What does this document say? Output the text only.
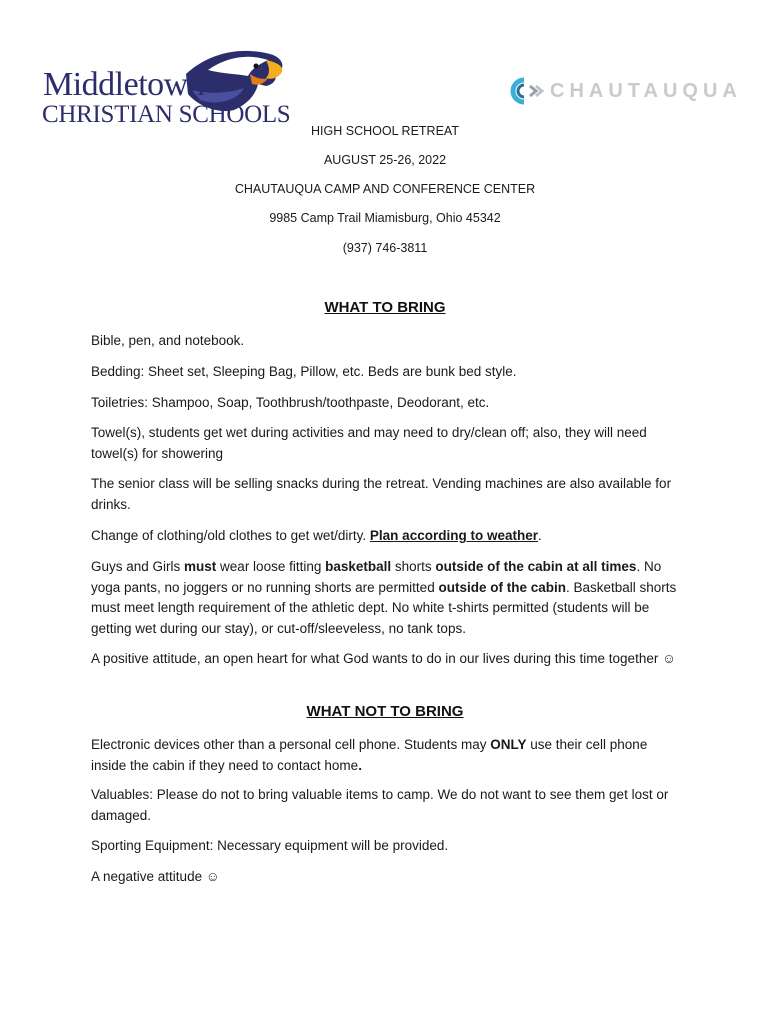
Middletown
CHRISTIAN SCHOOLS
CHAUTAUQUA
HIGH SCHOOL RETREAT
AUGUST 25-26, 2022
CHAUTAUQUA CAMP AND CONFERENCE CENTER
9985 Camp Trail Miamisburg, Ohio 45342
(937) 746-3811
WHAT TO BRING
Bible, pen, and notebook.
Bedding: Sheet set, Sleeping Bag, Pillow, etc. Beds are bunk bed style.
Toiletries: Shampoo, Soap, Toothbrush/toothpaste, Deodorant, etc.
Towel(s), students get wet during activities and may need to dry/clean off; also, they will need towel(s) for showering
The senior class will be selling snacks during the retreat. Vending machines are also available for drinks.
Change of clothing/old clothes to get wet/dirty. Plan according to weather.
Guys and Girls must wear loose fitting basketball shorts outside of the cabin at all times. No yoga pants, no joggers or no running shorts are permitted outside of the cabin. Basketball shorts must meet length requirement of the athletic dept. No white t-shirts permitted (students will be getting wet during our stay), or cut-off/sleeveless, no tank tops.
A positive attitude, an open heart for what God wants to do in our lives during this time together ☺
WHAT NOT TO BRING
Electronic devices other than a personal cell phone. Students may ONLY use their cell phone inside the cabin if they need to contact home.
Valuables: Please do not to bring valuable items to camp. We do not want to see them get lost or damaged.
Sporting Equipment: Necessary equipment will be provided.
A negative attitude ☺
